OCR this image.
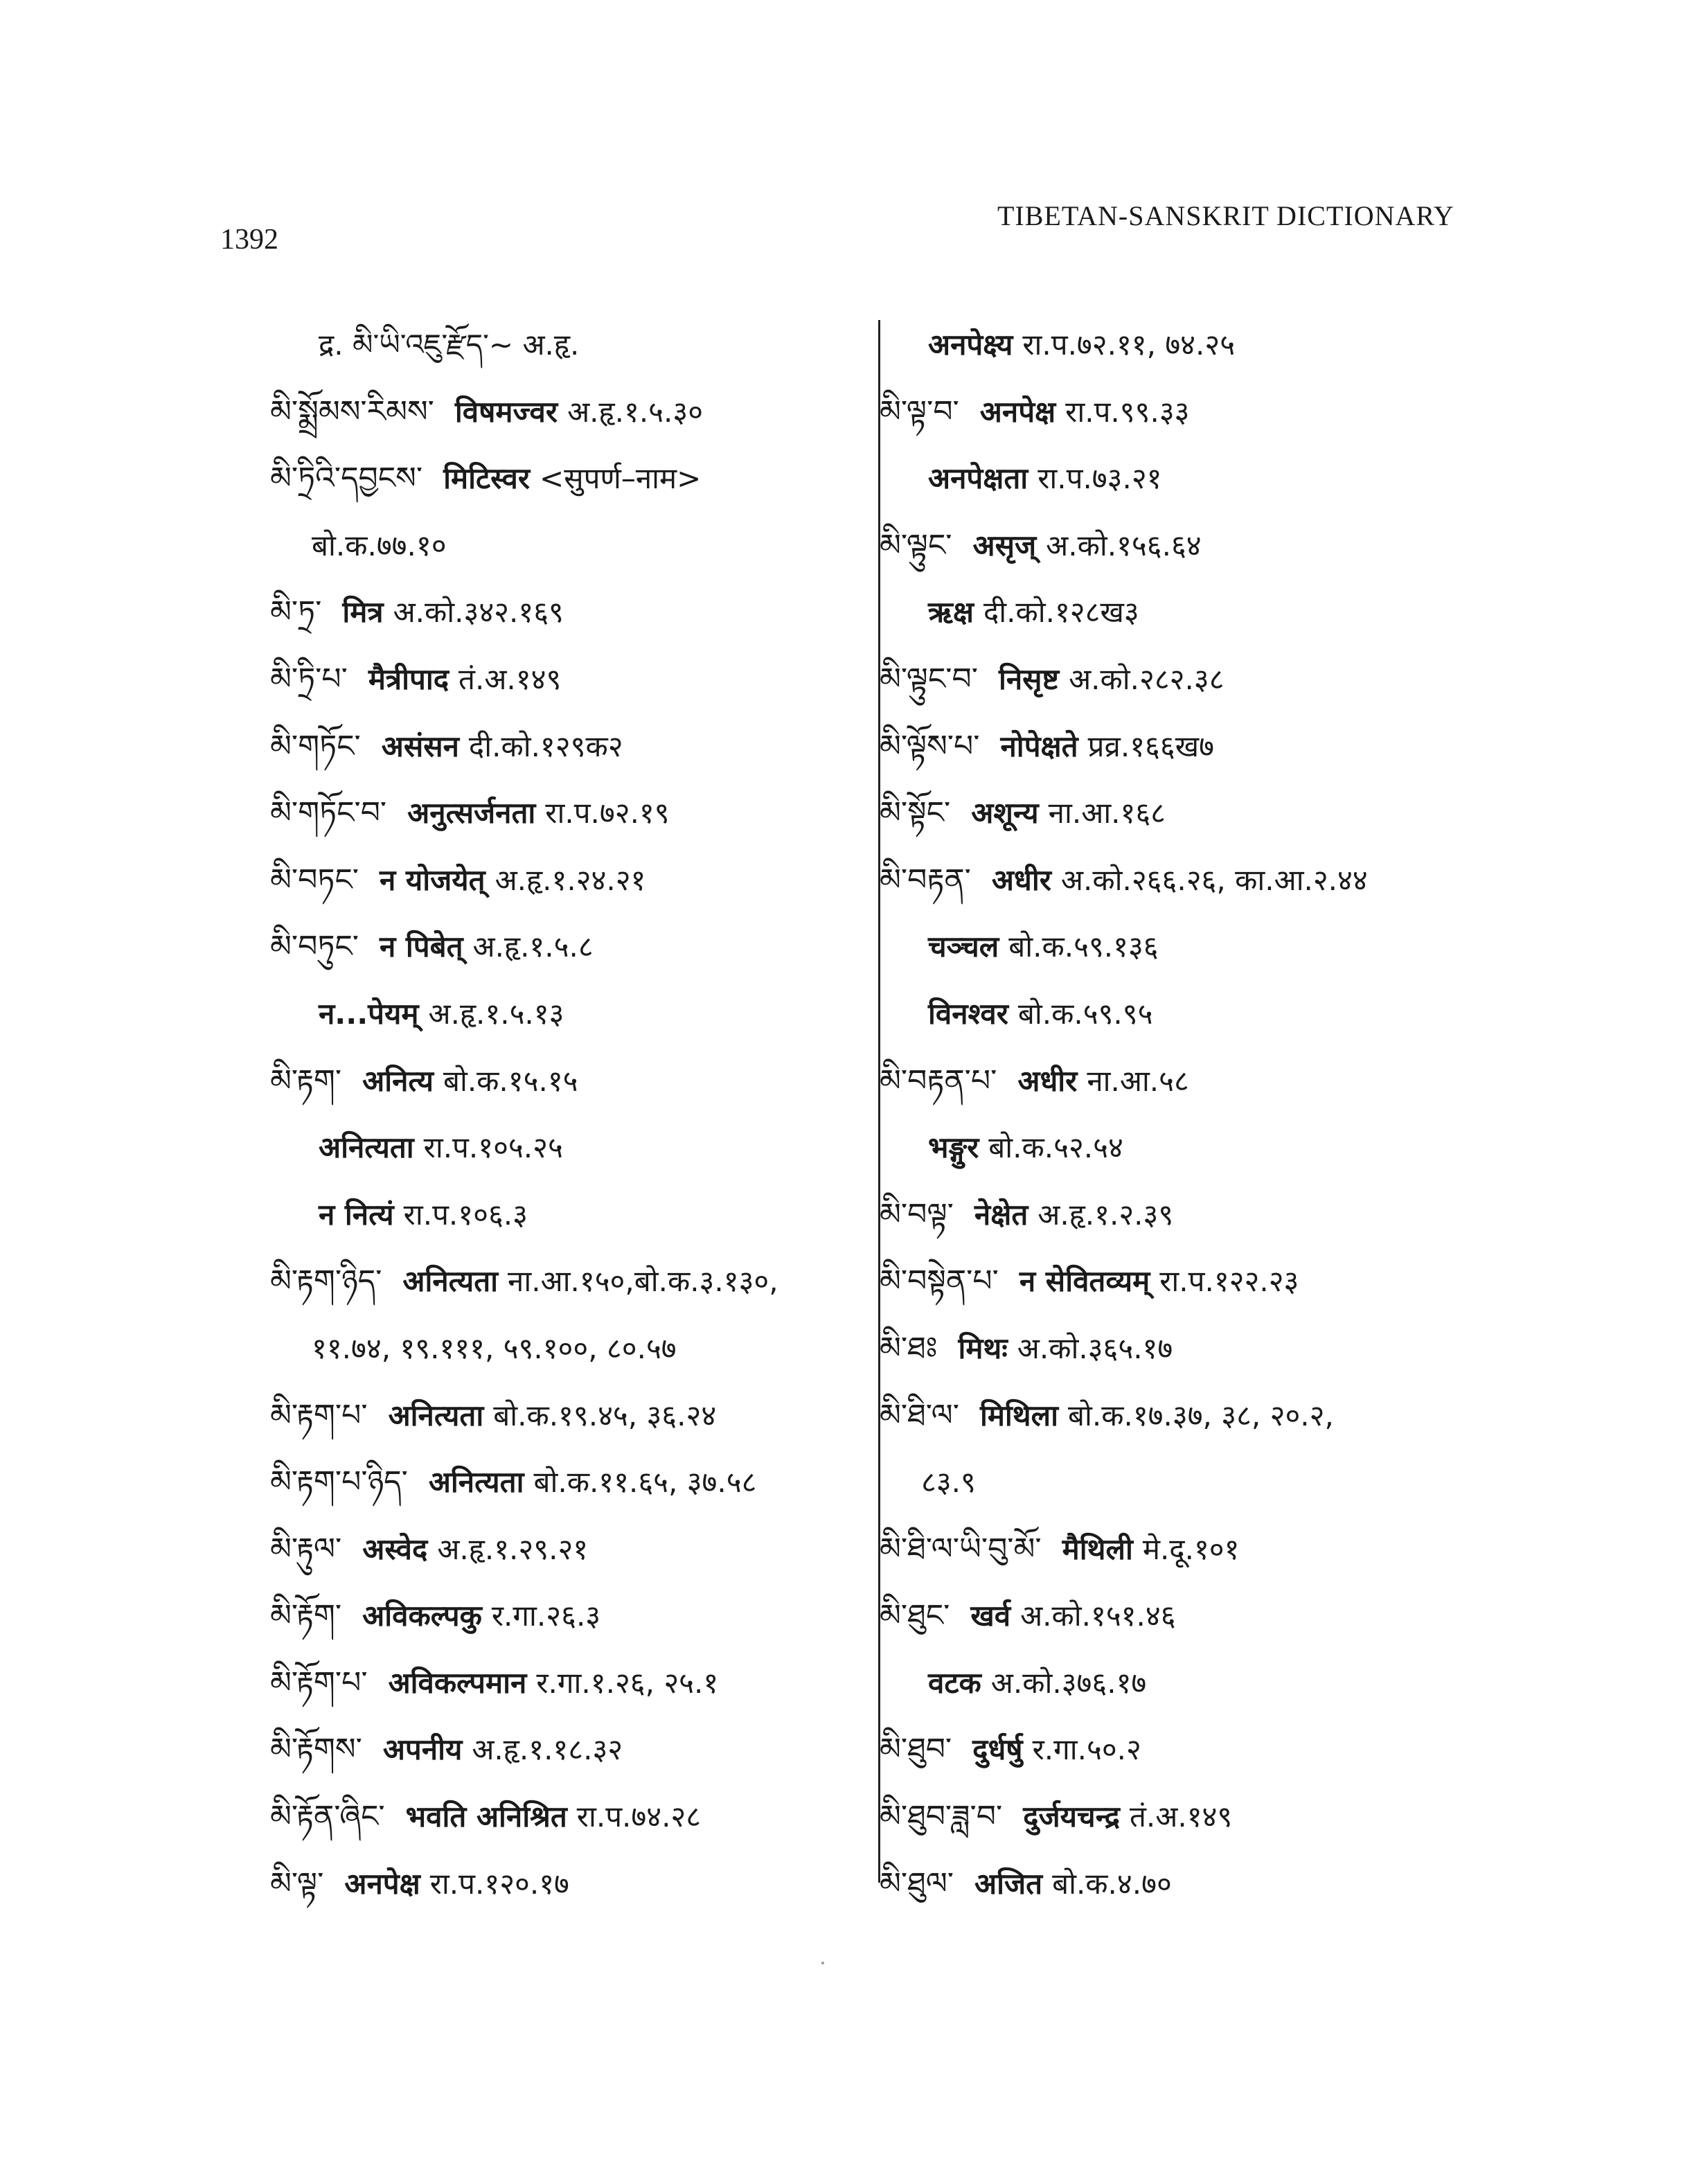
1392
TIBETAN-SANSKRIT DICTIONARY
द्र. མི་ཡི་འཇུ་རྫོད་~ अ.हृ.
མི་སྨྲོམས་རིམས་ विषमज्वर अ.हृ.१.५.३०
མི་ཏྲིའི་དབྱངས་ मिटिस्वर <सुपर्ण–नाम>
बो.क.७७.१०
མི་ཏྲ་ मित्र अ.को.३४२.१६९
མི་ཏྲི་པ་ मैत्रीपाद तं.अ.१४९
མི་གཏོང་ असंसन दी.को.१२९क२
མི་གཏོང་བ་ अनुत्सर्जनता रा.प.७२.१९
མི་བཏང་ न योजयेत् अ.हृ.१.२४.२१
མི་བཏུང་ न पिबेत् अ.हृ.१.५.८
न...पेयम् अ.हृ.१.५.१३
མི་རྟག་ अनित्य बो.क.१५.१५
अनित्यता रा.प.१०५.२५
न नित्यं रा.प.१०६.३
མི་རྟག་ཉིད་ अनित्यता ना.आ.१५०,बो.क.३.१३०,
११.७४, १९.१११, ५९.१००, ८०.५७
མི་རྟག་པ་ अनित्यता बो.क.१९.४५, ३६.२४
མི་རྟག་པ་ཉིད་ अनित्यता बो.क.११.६५, ३७.५८
མི་རྟུལ་ अस्वेद अ.हृ.१.२९.२१
མི་རྟོག་ अविकल्पकु र.गा.२६.३
མི་རྟོག་པ་ अविकल्पमान र.गा.१.२६, २५.१
མི་རྟོགས་ अपनीय अ.हृ.१.१८.३२
མི་རྟོན་ཞིང་ भवति अनिश्रित रा.प.७४.२८
མི་ལྟ་ अनपेक्ष रा.प.१२०.१७
अनपेक्ष्य रा.प.७२.११, ७४.२५
མི་ལྟ་བ་ अनपेक्ष रा.प.९९.३३
अनपेक्षता रा.प.७३.२१
མི་ལྟུང་ असृज् अ.को.१५६.६४
ऋक्ष दी.को.१२८ख३
མི་ལྟུང་བ་ निसृष्ट अ.को.२८२.३८
མི་ལྟོས་པ་ नोपेक्षते प्रव्र.१६६ख७
མི་སྟོང་ अशून्य ना.आ.१६८
མི་བརྟན་ अधीर अ.को.२६६.२६, का.आ.२.४४
चञ्चल बो.क.५९.१३६
विनश्वर बो.क.५९.९५
མི་བརྟན་པ་ अधीर ना.आ.५८
भङ्गुर बो.क.५२.५४
མི་བལྟ་ नेक्षेत अ.हृ.१.२.३९
མི་བསྟེན་པ་ न सेवितव्यम् रा.प.१२२.२३
མི་ཐཿ मिथः अ.को.३६५.१७
མི་ཐི་ལ་ मिथिला बो.क.१७.३७, ३८, २०.२,
८३.९
མི་ཐི་ལ་ཡི་བུ་མོ་ मैथिली मे.दू.१०१
མི་ཐུང་ खर्व अ.को.१५१.४६
वटक अ.को.३७६.१७
མི་ཐུབ་ दुर्धर्षु र.गा.५०.२
མི་ཐུབ་ཟླ་བ་ दुर्जयचन्द्र तं.अ.१४९
མི་ཐུལ་ अजित बो.क.४.७०
